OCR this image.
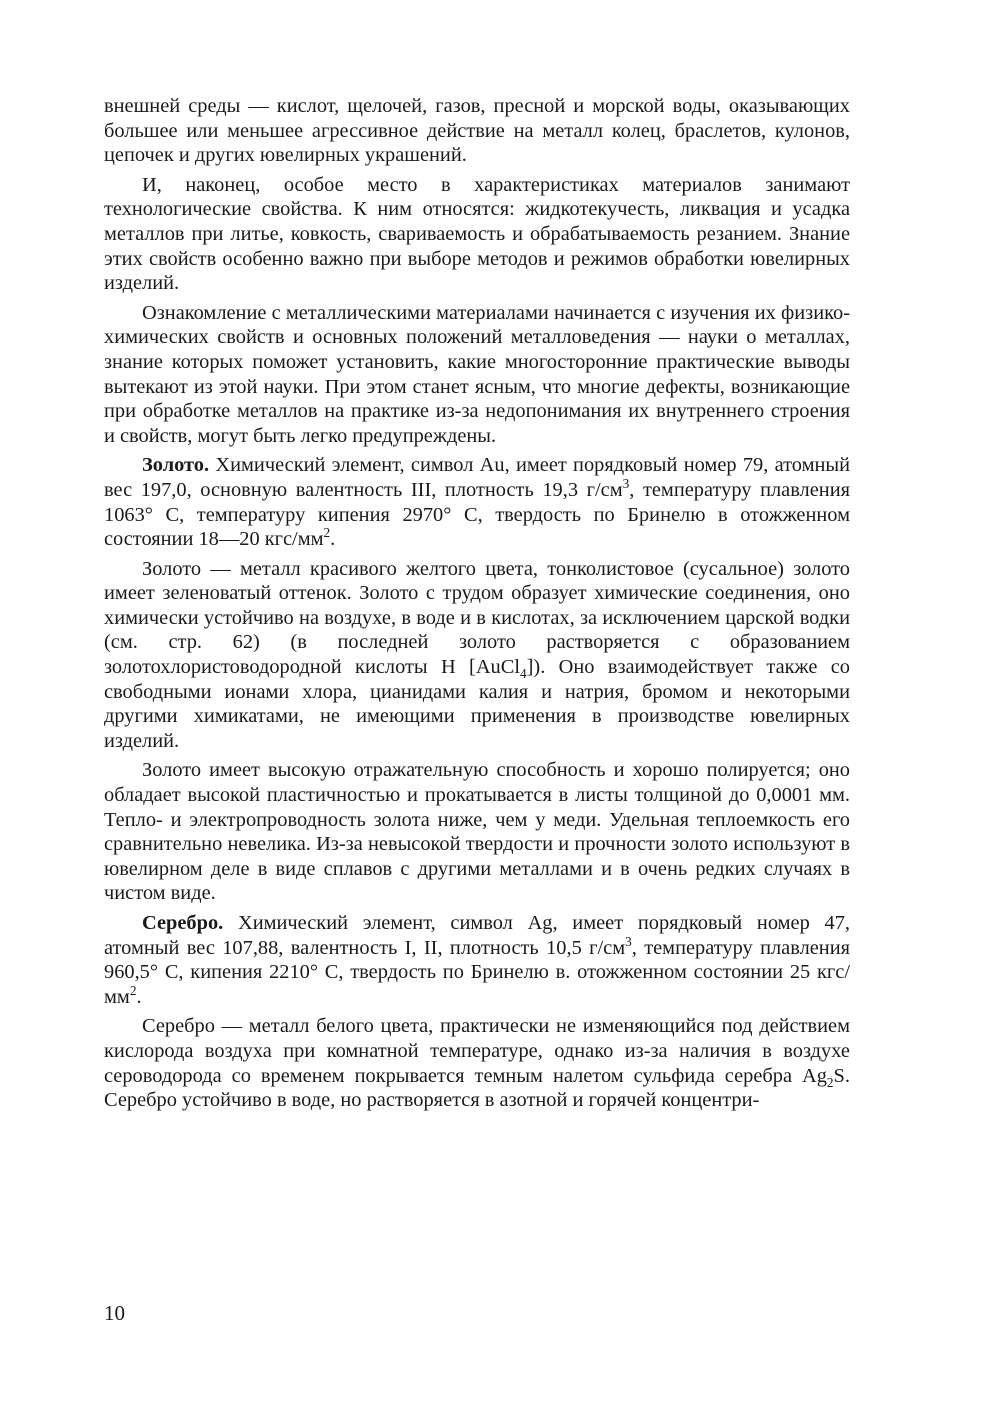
внешней среды — кислот, щелочей, газов, пресной и морской воды, оказывающих большее или меньшее агрессивное действие на металл колец, браслетов, кулонов, цепочек и других ювелирных украшений.

И, наконец, особое место в характеристиках материалов занимают технологические свойства. К ним относятся: жидкотекучесть, ликвация и усадка металлов при литье, ковкость, свариваемость и обрабатываемость резанием. Знание этих свойств особенно важно при выборе методов и режимов обработки ювелирных изделий.

Ознакомление с металлическими материалами начинается с изучения их физико-химических свойств и основных положений металловедения — науки о металлах, знание которых поможет установить, какие многосторонние практические выводы вытекают из этой науки. При этом станет ясным, что многие дефекты, возникающие при обработке металлов на практике из-за недопонимания их внутреннего строения и свойств, могут быть легко предупреждены.

Золото. Химический элемент, символ Au, имеет порядковый номер 79, атомный вес 197,0, основную валентность III, плотность 19,3 $г/см^3$, температуру плавления 1063° С, температуру кипения 2970° С, твердость по Бринелю в отожженном состоянии 18—20 кгс/$мм^2$.

Золото — металл красивого желтого цвета, тонколистовое (сусальное) золото имеет зеленоватый оттенок. Золото с трудом образует химические соединения, оно химически устойчиво на воздухе, в воде и в кислотах, за исключением царской водки (см. стр. 62) (в последней золото растворяется с образованием золотохлористоводородной кислоты H [AuCl$_4$]). Оно взаимодействует также со свободными ионами хлора, цианидами калия и натрия, бромом и некоторыми другими химикатами, не имеющими применения в производстве ювелирных изделий.

Золото имеет высокую отражательную способность и хорошо полируется; оно обладает высокой пластичностью и прокатывается в листы толщиной до 0,0001 мм. Тепло- и электропроводность золота ниже, чем у меди. Удельная теплоемкость его сравнительно невелика. Из-за невысокой твердости и прочности золото используют в ювелирном деле в виде сплавов с другими металлами и в очень редких случаях в чистом виде.

Серебро. Химический элемент, символ Ag, имеет порядковый номер 47, атомный вес 107,88, валентность I, II, плотность 10,5 $г/см^3$, температуру плавления 960,5° С, кипения 2210° С, твердость по Бринелю в. отожженном состоянии 25 кгс/$мм^2$.

Серебро — металл белого цвета, практически не изменяющийся под действием кислорода воздуха при комнатной температуре, однако из-за наличия в воздухе сероводорода со временем покрывается темным налетом сульфида серебра $Ag_2S$. Серебро устойчиво в воде, но растворяется в азотной и горячей концентри-

10
